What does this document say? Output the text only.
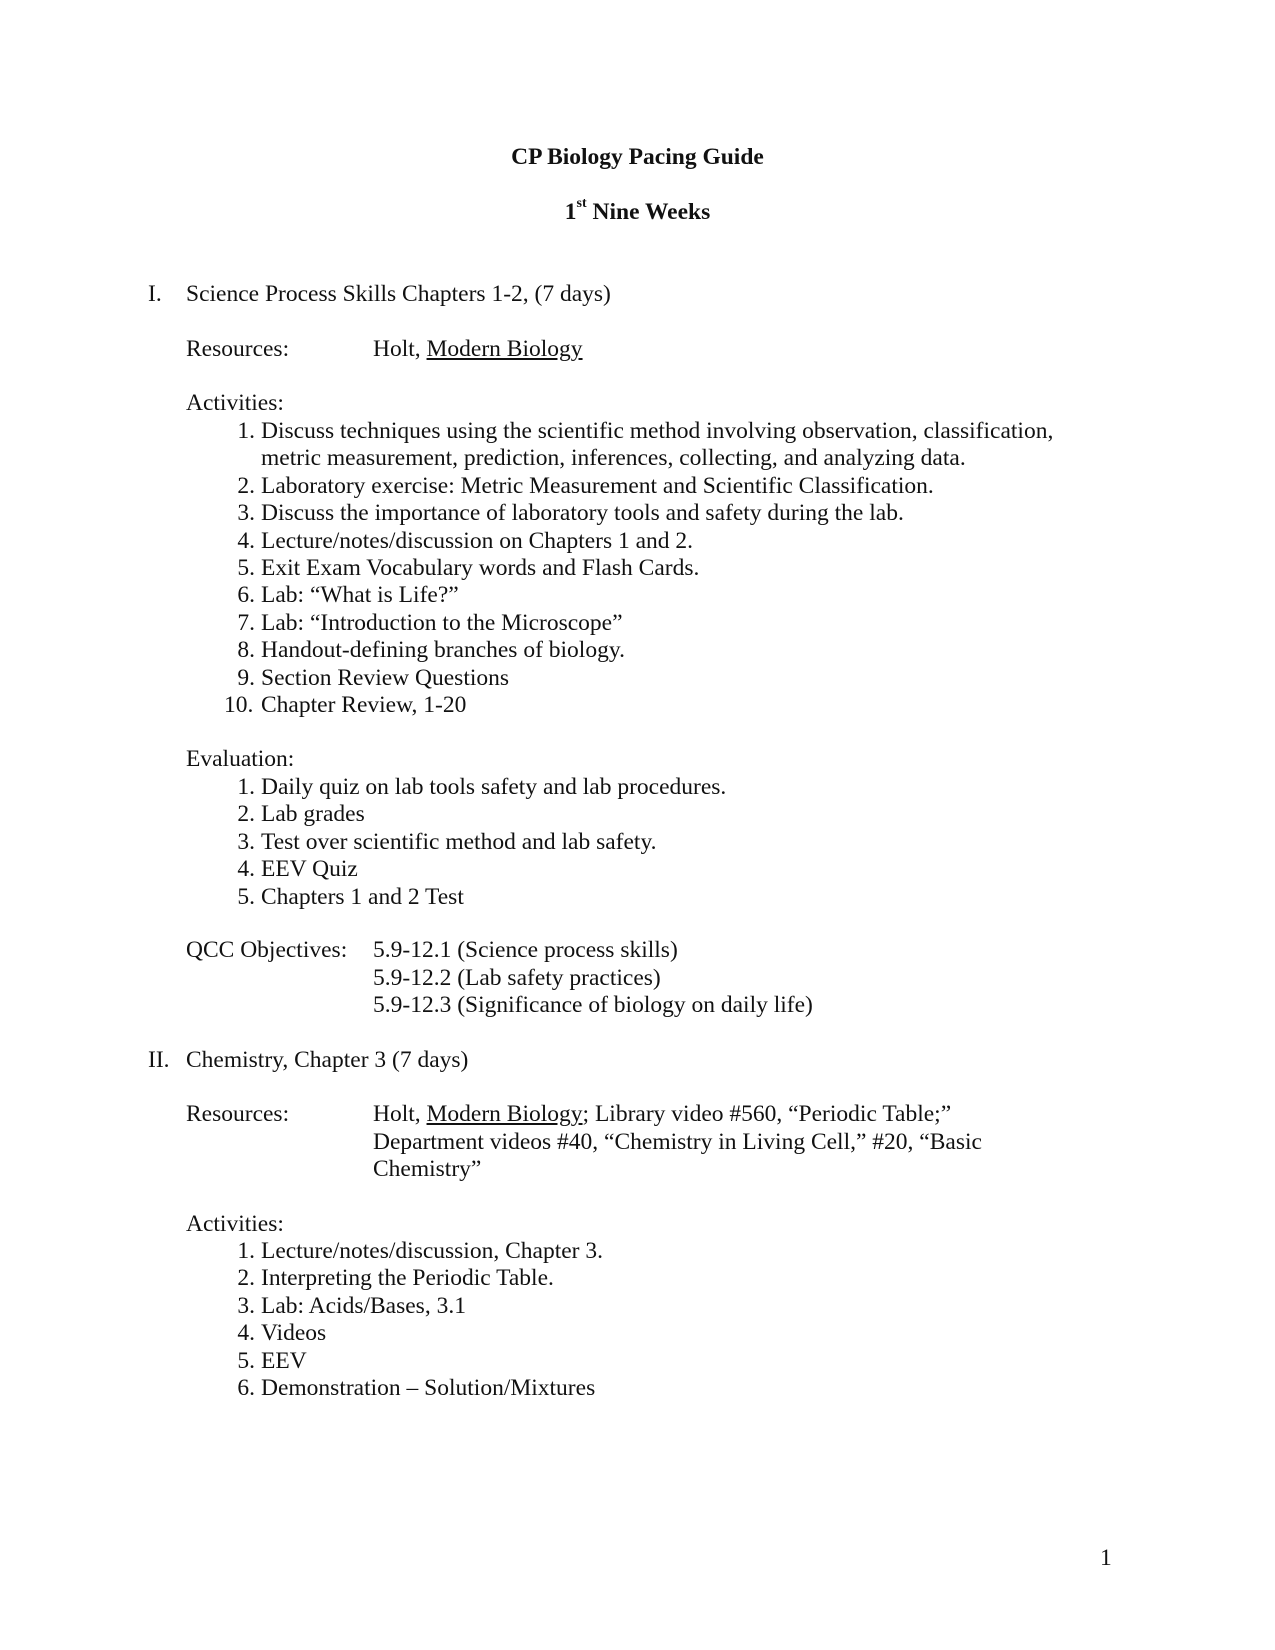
CP Biology Pacing Guide
1st Nine Weeks
I. Science Process Skills Chapters 1-2, (7 days)
Resources:	Holt, Modern Biology
Activities:
1. Discuss techniques using the scientific method involving observation, classification,
metric measurement, prediction, inferences, collecting, and analyzing data.
2. Laboratory exercise: Metric Measurement and Scientific Classification.
3. Discuss the importance of laboratory tools and safety during the lab.
4. Lecture/notes/discussion on Chapters 1 and 2.
5. Exit Exam Vocabulary words and Flash Cards.
6. Lab: “What is Life?”
7. Lab: “Introduction to the Microscope”
8. Handout-defining branches of biology.
9. Section Review Questions
10. Chapter Review, 1-20
Evaluation:
1. Daily quiz on lab tools safety and lab procedures.
2. Lab grades
3. Test over scientific method and lab safety.
4. EEV Quiz
5. Chapters 1 and 2 Test
QCC Objectives: 5.9-12.1 (Science process skills)
5.9-12.2 (Lab safety practices)
5.9-12.3 (Significance of biology on daily life)
II. Chemistry, Chapter 3 (7 days)
Resources:	Holt, Modern Biology; Library video #560, “Periodic Table;”
Department videos #40, “Chemistry in Living Cell,” #20, “Basic
Chemistry”
Activities:
1. Lecture/notes/discussion, Chapter 3.
2. Interpreting the Periodic Table.
3. Lab: Acids/Bases, 3.1
4. Videos
5. EEV
6. Demonstration – Solution/Mixtures
1
